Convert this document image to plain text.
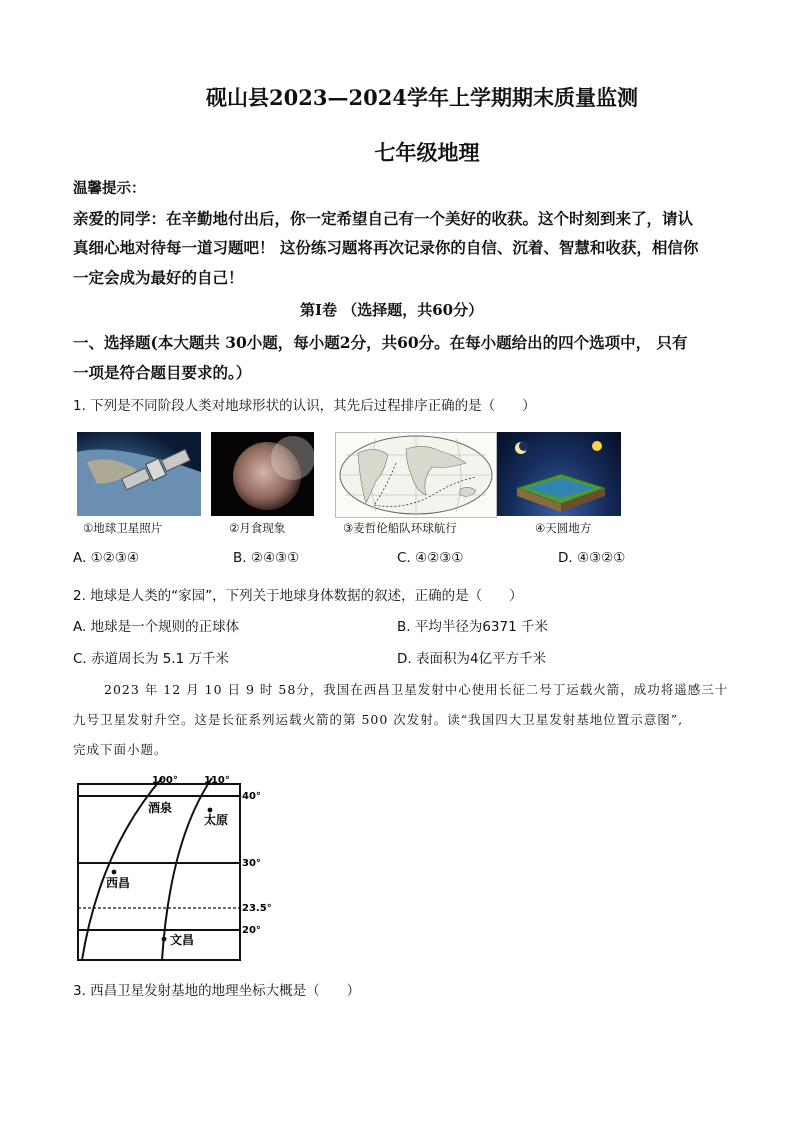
砚山县2023—2024学年上学期期末质量监测
七年级地理
温馨提示：
亲爱的同学：在辛勤地付出后，你一定希望自己有一个美好的收获。这个时刻到来了，请认
真细心地对待每一道习题吧！ 这份练习题将再次记录你的自信、沉着、智慧和收获，相信你
一定会成为最好的自己！
第Ⅰ卷 （选择题，共60分）
一、选择题(本大题共 30小题，每小题2分，共60分。在每小题给出的四个选项中， 只有
一项是符合题目要求的。）
1. 下列是不同阶段人类对地球形状的认识，其先后过程排序正确的是（　　）
①地球卫星照片	②月食现象	③麦哲伦船队环球航行	④天圆地方
A. ①②③④	B. ②④③①	C. ④②③①	D. ④③②①
2. 地球是人类的“家园”，下列关于地球身体数据的叙述，正确的是（　　）
A. 地球是一个规则的正球体	B. 平均半径为6371 千米
C. 赤道周长为 5.1 万千米	D. 表面积为4亿平方千米
2023 年 12 月 10 日 9 时 58分，我国在西昌卫星发射中心使用长征二号丁运载火箭，成功将遥感三十
九号卫星发射升空。这是长征系列运载火箭的第 500 次发射。读“我国四大卫星发射基地位置示意图”,
完成下面小题。
100°	110°
40°
30°
23.5°
20°
酒泉
太原
西昌
文昌
3. 西昌卫星发射基地的地理坐标大概是（　　）
